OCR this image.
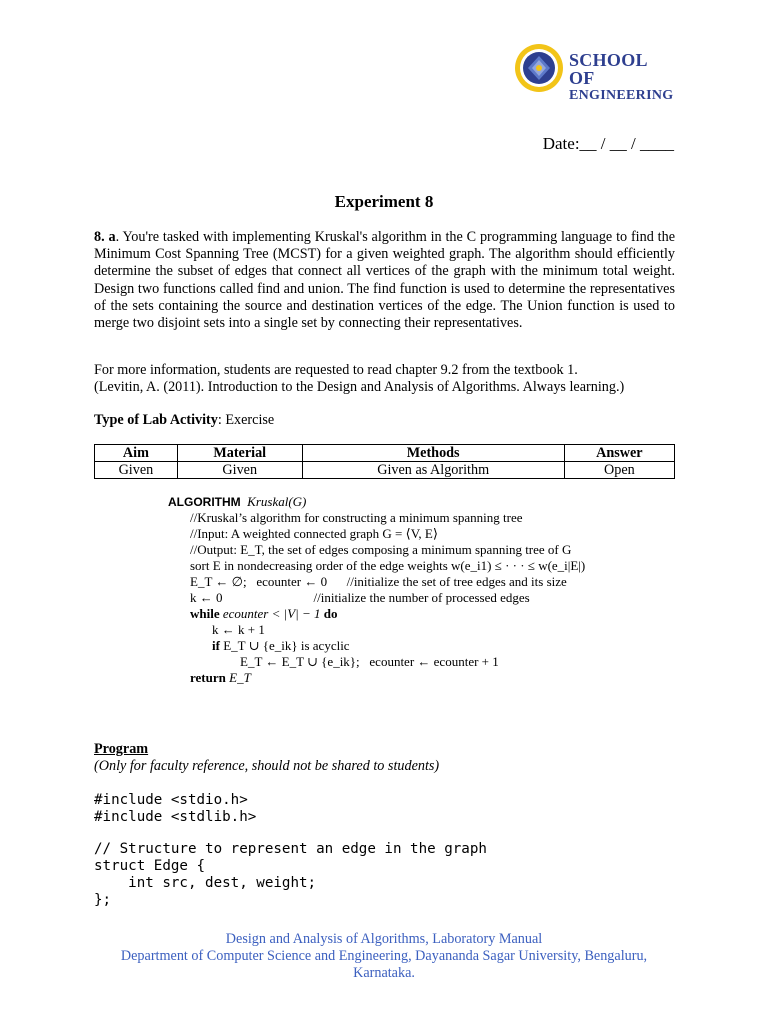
SCHOOL OF
ENGINEERING
Date:__ / __ / ____
Experiment 8

8. a. You're tasked with implementing Kruskal's algorithm in the C programming language to find the Minimum Cost Spanning Tree (MCST) for a given weighted graph. The algorithm should efficiently determine the subset of edges that connect all vertices of the graph with the minimum total weight. Design two functions called find and union. The find function is used to determine the representatives of the sets containing the source and destination vertices of the edge. The Union function is used to merge two disjoint sets into a single set by connecting their representatives.

For more information, students are requested to read chapter 9.2 from the textbook 1.
(Levitin, A. (2011). Introduction to the Design and Analysis of Algorithms. Always learning.)
Type of Lab Activity: Exercise
Aim	Material	Methods	Answer
Given	Given	Given as Algorithm	Open
ALGORITHM Kruskal(G)
//Kruskal’s algorithm for constructing a minimum spanning tree
//Input: A weighted connected graph G = ⟨V, E⟩
//Output: E_T, the set of edges composing a minimum spanning tree of G
sort E in nondecreasing order of the edge weights w(e_i1) ≤ · · · ≤ w(e_i|E|)
E_T ← ∅;   ecounter ← 0 //initialize the set of tree edges and its size
k ← 0	//initialize the number of processed edges
while ecounter < |V| − 1 do
k ← k + 1
if E_T ∪ {e_ik} is acyclic
E_T ← E_T ∪ {e_ik};   ecounter ← ecounter + 1
return E_T
Program
(Only for faculty reference, should not be shared to students)
#include <stdio.h>
#include <stdlib.h>
// Structure to represent an edge in the graph
struct Edge {
int src, dest, weight;
};
Design and Analysis of Algorithms, Laboratory Manual
Department of Computer Science and Engineering, Dayananda Sagar University, Bengaluru,
Karnataka.
